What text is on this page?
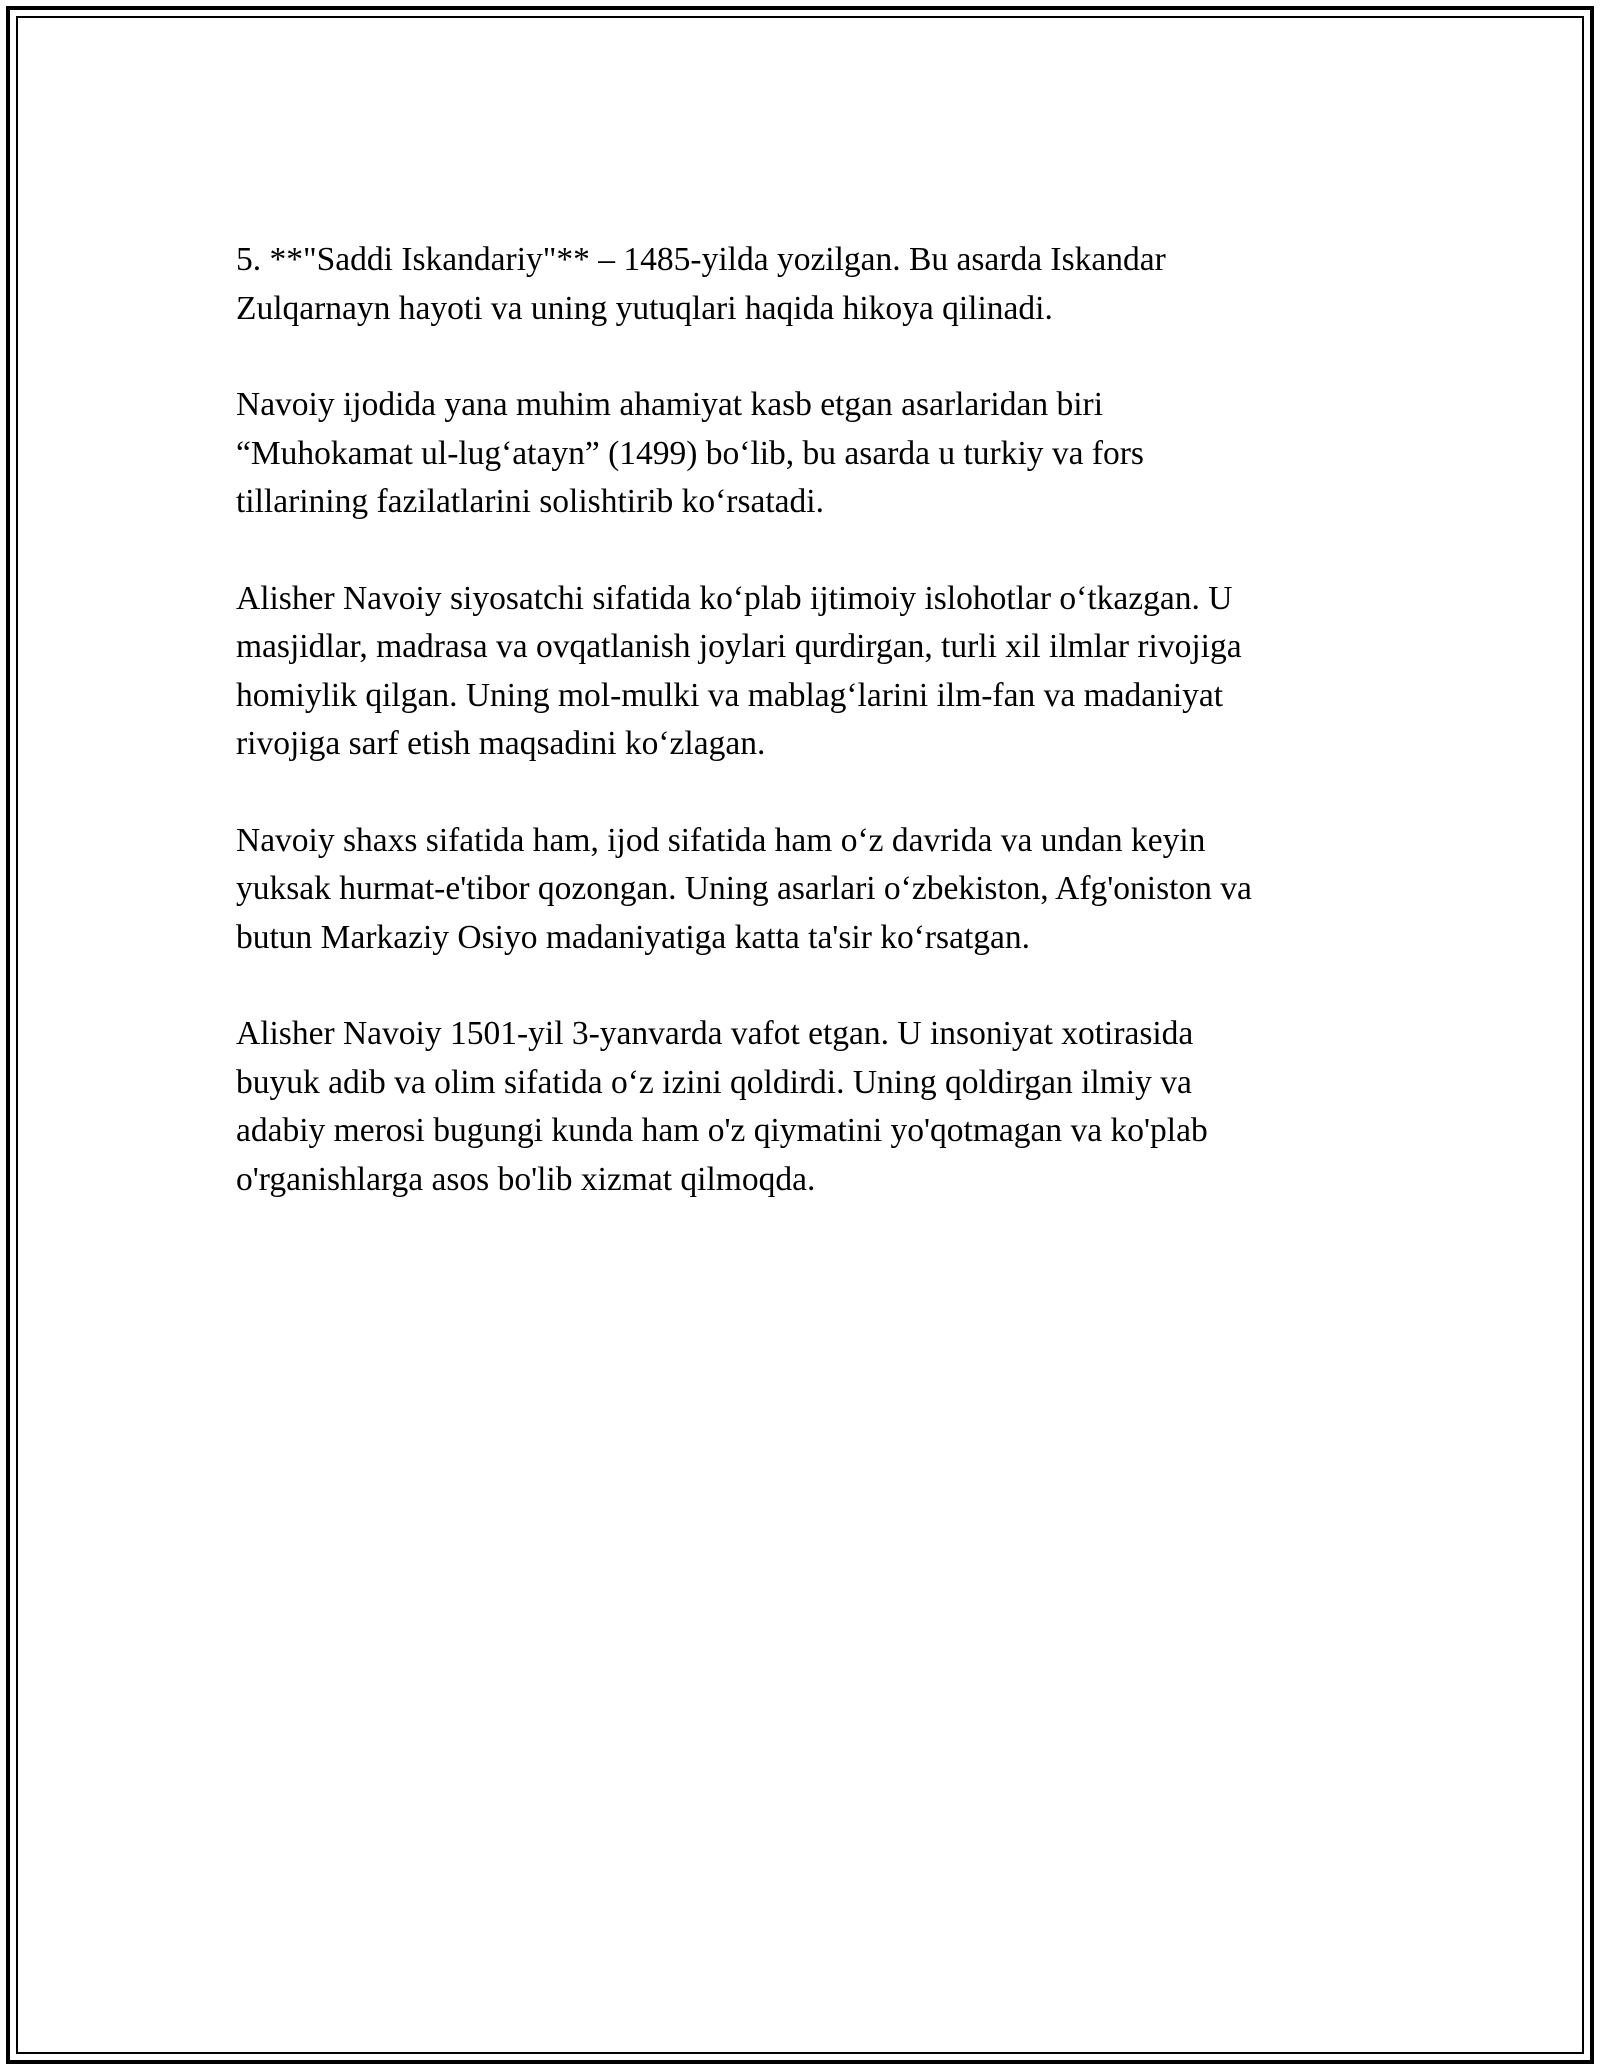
5. **"Saddi Iskandariy"** – 1485-yilda yozilgan. Bu asarda Iskandar
Zulqarnayn hayoti va uning yutuqlari haqida hikoya qilinadi.

Navoiy ijodida yana muhim ahamiyat kasb etgan asarlaridan biri
“Muhokamat ul-lug‘atayn” (1499) bo‘lib, bu asarda u turkiy va fors
tillarining fazilatlarini solishtirib ko‘rsatadi.

Alisher Navoiy siyosatchi sifatida ko‘plab ijtimoiy islohotlar o‘tkazgan. U
masjidlar, madrasa va ovqatlanish joylari qurdirgan, turli xil ilmlar rivojiga
homiylik qilgan. Uning mol-mulki va mablag‘larini ilm-fan va madaniyat
rivojiga sarf etish maqsadini ko‘zlagan.

Navoiy shaxs sifatida ham, ijod sifatida ham o‘z davrida va undan keyin
yuksak hurmat-e'tibor qozongan. Uning asarlari o‘zbekiston, Afg'oniston va
butun Markaziy Osiyo madaniyatiga katta ta'sir ko‘rsatgan.

Alisher Navoiy 1501-yil 3-yanvarda vafot etgan. U insoniyat xotirasida
buyuk adib va olim sifatida o‘z izini qoldirdi. Uning qoldirgan ilmiy va
adabiy merosi bugungi kunda ham o'z qiymatini yo'qotmagan va ko'plab
o'rganishlarga asos bo'lib xizmat qilmoqda.
